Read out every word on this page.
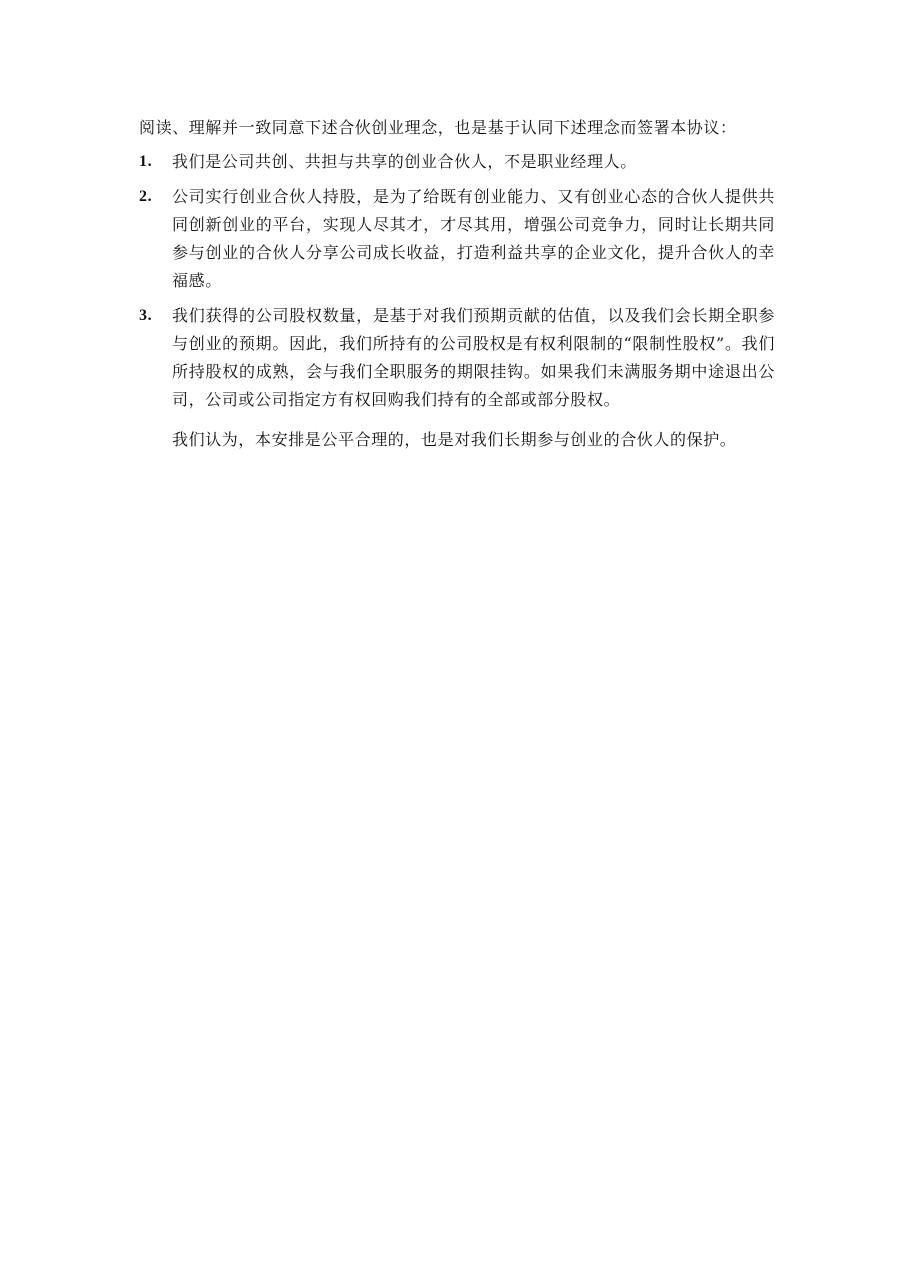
阅读、理解并一致同意下述合伙创业理念，也是基于认同下述理念而签署本协议：

1.	我们是公司共创、共担与共享的创业合伙人，不是职业经理人。
2.	公司实行创业合伙人持股，是为了给既有创业能力、又有创业心态的合伙人提供共同创新创业的平台，实现人尽其才，才尽其用，增强公司竞争力，同时让长期共同参与创业的合伙人分享公司成长收益，打造利益共享的企业文化，提升合伙人的幸福感。
3.	我们获得的公司股权数量，是基于对我们预期贡献的估值，以及我们会长期全职参与创业的预期。因此，我们所持有的公司股权是有权利限制的“限制性股权”。我们所持股权的成熟，会与我们全职服务的期限挂钩。如果我们未满服务期中途退出公司，公司或公司指定方有权回购我们持有的全部或部分股权。

我们认为，本安排是公平合理的，也是对我们长期参与创业的合伙人的保护。
